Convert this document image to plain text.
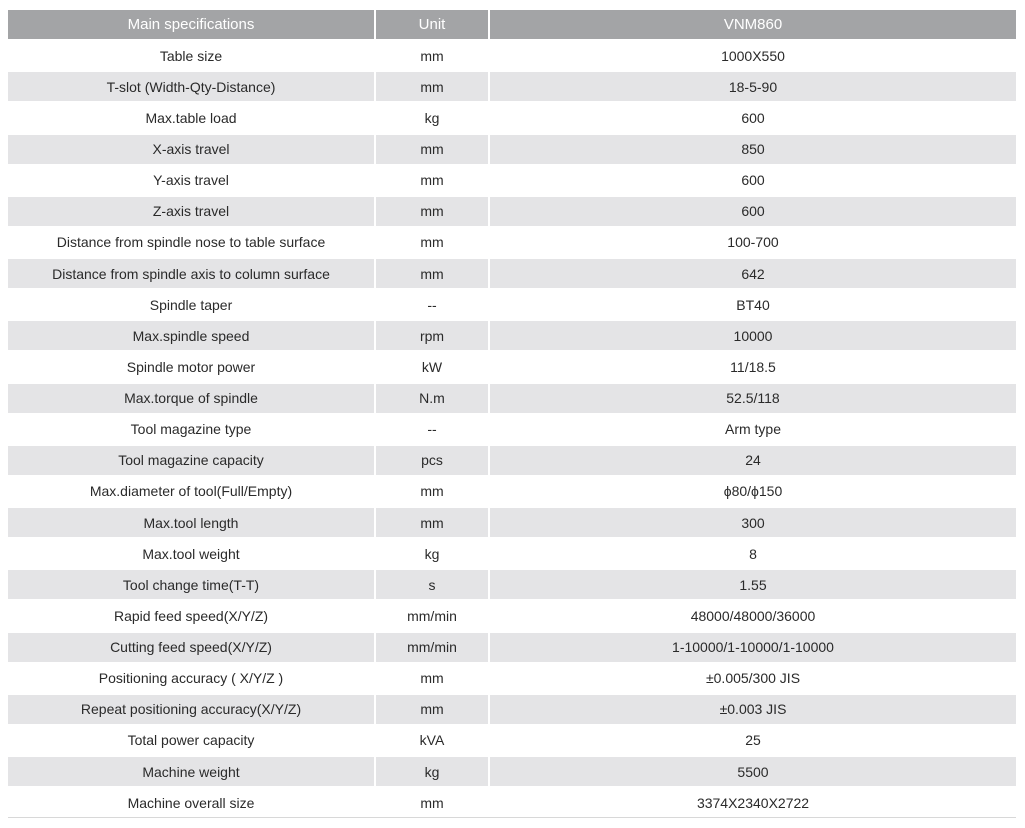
Main specifications	Unit	VNM860
Table size	mm	1000X550
T-slot (Width-Qty-Distance)	mm	18-5-90
Max.table load	kg	600
X-axis travel	mm	850
Y-axis travel	mm	600
Z-axis travel	mm	600
Distance from spindle nose to table surface	mm	100-700
Distance from spindle axis to column surface	mm	642
Spindle taper	--	BT40
Max.spindle speed	rpm	10000
Spindle motor power	kW	11/18.5
Max.torque of spindle	N.m	52.5/118
Tool magazine type	--	Arm type
Tool magazine capacity	pcs	24
Max.diameter of tool(Full/Empty)	mm	ϕ80/ϕ150
Max.tool length	mm	300
Max.tool weight	kg	8
Tool change time(T-T)	s	1.55
Rapid feed speed(X/Y/Z)	mm/min	48000/48000/36000
Cutting feed speed(X/Y/Z)	mm/min	1-10000/1-10000/1-10000
Positioning accuracy ( X/Y/Z )	mm	±0.005/300 JIS
Repeat positioning accuracy(X/Y/Z)	mm	±0.003 JIS
Total power capacity	kVA	25
Machine weight	kg	5500
Machine overall size	mm	3374X2340X2722
